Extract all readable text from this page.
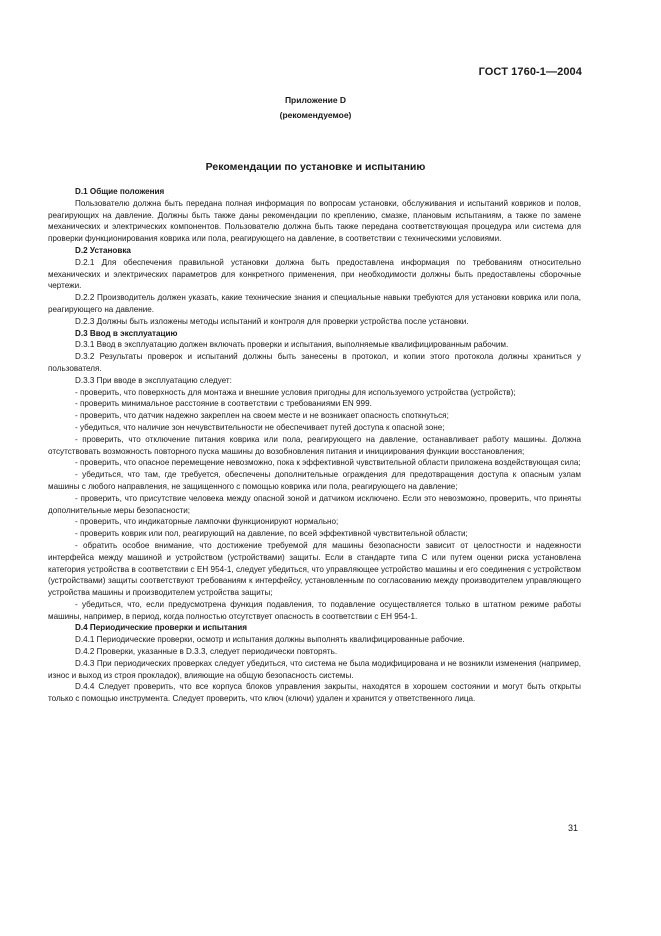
ГОСТ 1760-1—2004
Приложение D
(рекомендуемое)
Рекомендации по установке и испытанию

D.1 Общие положения

Пользователю должна быть передана полная информация по вопросам установки, обслуживания и испытаний ковриков и полов, реагирующих на давление. Должны быть также даны рекомендации по креплению, смазке, плановым испытаниям, а также по замене механических и электрических компонентов. Пользователю должна быть также передана соответствующая процедура или система для проверки функционирования коврика или пола, реагирующего на давление, в соответствии с техническими условиями.

D.2 Установка

D.2.1 Для обеспечения правильной установки должна быть предоставлена информация по требованиям относительно механических и электрических параметров для конкретного применения, при необходимости должны быть предоставлены сборочные чертежи.

D.2.2 Производитель должен указать, какие технические знания и специальные навыки требуются для установки коврика или пола, реагирующего на давление.

D.2.3 Должны быть изложены методы испытаний и контроля для проверки устройства после установки.

D.3 Ввод в эксплуатацию

D.3.1 Ввод в эксплуатацию должен включать проверки и испытания, выполняемые квалифицированным рабочим.

D.3.2 Результаты проверок и испытаний должны быть занесены в протокол, и копии этого протокола должны храниться у пользователя.

D.3.3 При вводе в эксплуатацию следует:

- проверить, что поверхность для монтажа и внешние условия пригодны для используемого устройства (устройств);

- проверить минимальное расстояние в соответствии с требованиями EN 999.

- проверить, что датчик надежно закреплен на своем месте и не возникает опасность споткнуться;

- убедиться, что наличие зон нечувствительности не обеспечивает путей доступа к опасной зоне;

- проверить, что отключение питания коврика или пола, реагирующего на давление, останавливает работу машины. Должна отсутствовать возможность повторного пуска машины до возобновления питания и инициирования функции восстановления;

- проверить, что опасное перемещение невозможно, пока к эффективной чувствительной области приложена воздействующая сила;

- убедиться, что там, где требуется, обеспечены дополнительные ограждения для предотвращения доступа к опасным узлам машины с любого направления, не защищенного с помощью коврика или пола, реагирующего на давление;

- проверить, что присутствие человека между опасной зоной и датчиком исключено. Если это невозможно, проверить, что приняты дополнительные меры безопасности;

- проверить, что индикаторные лампочки функционируют нормально;

- проверить коврик или пол, реагирующий на давление, по всей эффективной чувствительной области;

- обратить особое внимание, что достижение требуемой для машины безопасности зависит от целостности и надежности интерфейса между машиной и устройством (устройствами) защиты. Если в стандарте типа С или путем оценки риска установлена категория устройства в соответствии с ЕН 954-1, следует убедиться, что управляющее устройство машины и его соединения с устройством (устройствами) защиты соответствуют требованиям к интерфейсу, установленным по согласованию между производителем управляющего устройства машины и производителем устройства защиты;

- убедиться, что, если предусмотрена функция подавления, то подавление осуществляется только в штатном режиме работы машины, например, в период, когда полностью отсутствует опасность в соответствии с ЕН 954-1.

D.4 Периодические проверки и испытания

D.4.1 Периодические проверки, осмотр и испытания должны выполнять квалифицированные рабочие.

D.4.2 Проверки, указанные в D.3.3, следует периодически повторять.

D.4.3 При периодических проверках следует убедиться, что система не была модифицирована и не возникли изменения (например, износ и выход из строя прокладок), влияющие на общую безопасность системы.

D.4.4 Следует проверить, что все корпуса блоков управления закрыты, находятся в хорошем состоянии и могут быть открыты только с помощью инструмента. Следует проверить, что ключ (ключи) удален и хранится у ответственного лица.

31
